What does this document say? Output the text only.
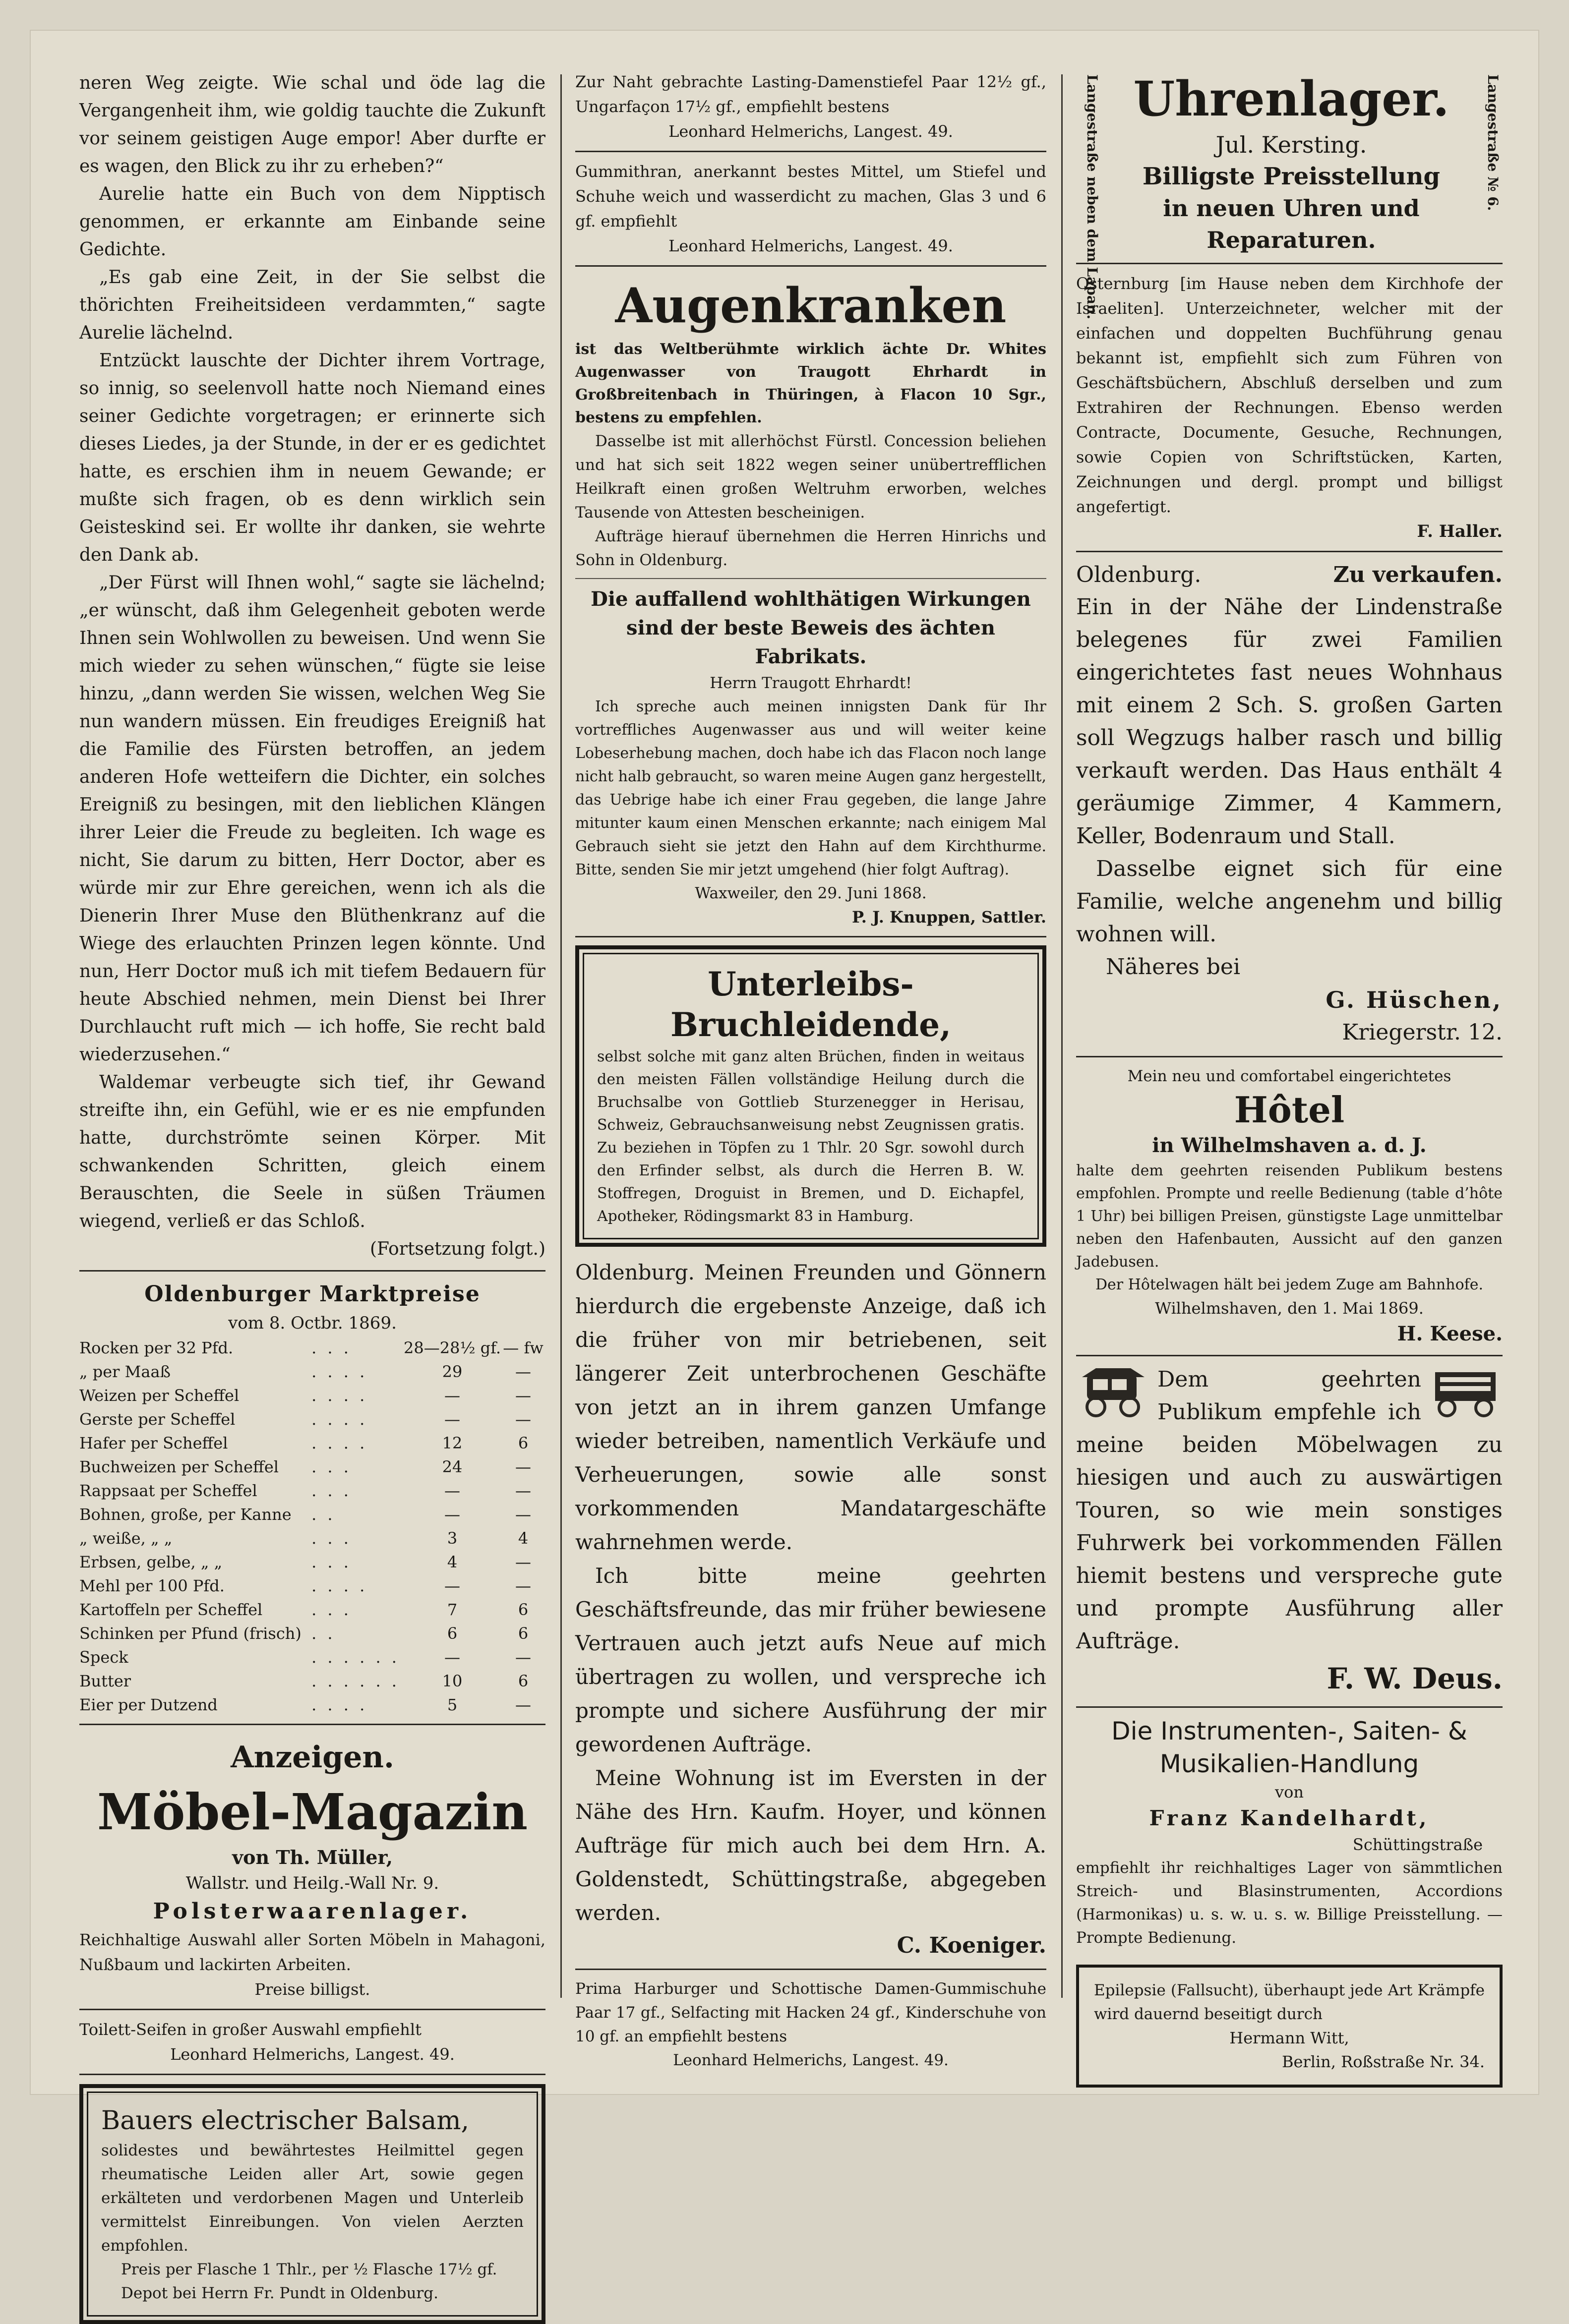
neren Weg zeigte. Wie schal und öde lag die Vergangenheit ihm, wie goldig tauchte die Zukunft vor seinem geistigen Auge empor! Aber durfte er es wagen, den Blick zu ihr zu erheben?“

Aurelie hatte ein Buch von dem Nipptisch genommen, er erkannte am Einbande seine Gedichte.

„Es gab eine Zeit, in der Sie selbst die thörichten Freiheitsideen verdammten,“ sagte Aurelie lächelnd.

Entzückt lauschte der Dichter ihrem Vortrage, so innig, so seelenvoll hatte noch Niemand eines seiner Gedichte vorgetragen; er erinnerte sich dieses Liedes, ja der Stunde, in der er es gedichtet hatte, es erschien ihm in neuem Gewande; er mußte sich fragen, ob es denn wirklich sein Geisteskind sei. Er wollte ihr danken, sie wehrte den Dank ab.

„Der Fürst will Ihnen wohl,“ sagte sie lächelnd; „er wünscht, daß ihm Gelegenheit geboten werde Ihnen sein Wohlwollen zu beweisen. Und wenn Sie mich wieder zu sehen wünschen,“ fügte sie leise hinzu, „dann werden Sie wissen, welchen Weg Sie nun wandern müssen. Ein freudiges Ereigniß hat die Familie des Fürsten betroffen, an jedem anderen Hofe wetteifern die Dichter, ein solches Ereigniß zu besingen, mit den lieblichen Klängen ihrer Leier die Freude zu begleiten. Ich wage es nicht, Sie darum zu bitten, Herr Doctor, aber es würde mir zur Ehre gereichen, wenn ich als die Dienerin Ihrer Muse den Blüthenkranz auf die Wiege des erlauchten Prinzen legen könnte. Und nun, Herr Doctor muß ich mit tiefem Bedauern für heute Abschied nehmen, mein Dienst bei Ihrer Durchlaucht ruft mich — ich hoffe, Sie recht bald wiederzusehen.“

Waldemar verbeugte sich tief, ihr Gewand streifte ihn, ein Gefühl, wie er es nie empfunden hatte, durchströmte seinen Körper. Mit schwankenden Schritten, gleich einem Berauschten, die Seele in süßen Träumen wiegend, verließ er das Schloß.

(Fortsetzung folgt.)

Oldenburger Marktpreise

vom 8. Octbr. 1869.

Rocken per 32 Pfd.	. . .	28—28½ gf.	— fw
„ per Maaß	. . . .	29	—
Weizen per Scheffel	. . . .	—	—
Gerste per Scheffel	. . . .	—	—
Hafer per Scheffel	. . . .	12	6
Buchweizen per Scheffel	. . .	24	—
Rappsaat per Scheffel	. . .	—	—
Bohnen, große, per Kanne	. .	—	—
„ weiße, „ „	. . .	3	4
Erbsen, gelbe, „ „	. . .	4	—
Mehl per 100 Pfd.	. . . .	—	—
Kartoffeln per Scheffel	. . .	7	6
Schinken per Pfund (frisch)	. .	6	6
Speck	. . . . . .	—	—
Butter	. . . . . .	10	6
Eier per Dutzend	. . . .	5	—

Anzeigen.

Möbel-Magazin

von Th. Müller,

Wallstr. und Heilg.-Wall Nr. 9.

Polsterwaarenlager.

Reichhaltige Auswahl aller Sorten Möbeln in Mahagoni, Nußbaum und lackirten Arbeiten.

Preise billigst.

Toilett-Seifen in großer Auswahl empfiehlt

Leonhard Helmerichs, Langest. 49.

Bauers electrischer Balsam,

solidestes und bewährtestes Heilmittel gegen rheumatische Leiden aller Art, sowie gegen erkälteten und verdorbenen Magen und Unterleib vermittelst Einreibungen. Von vielen Aerzten empfohlen.

Preis per Flasche 1 Thlr., per ½ Flasche 17½ gf.

Depot bei Herrn Fr. Pundt in Oldenburg.

Zur Naht gebrachte Lasting-Damenstiefel Paar 12½ gf., Ungarfaçon 17½ gf., empfiehlt bestens

Leonhard Helmerichs, Langest. 49.

Gummithran, anerkannt bestes Mittel, um Stiefel und Schuhe weich und wasserdicht zu machen, Glas 3 und 6 gf. empfiehlt

Leonhard Helmerichs, Langest. 49.

Augenkranken

ist das Weltberühmte wirklich ächte Dr. Whites Augenwasser von Traugott Ehrhardt in Großbreitenbach in Thüringen, à Flacon 10 Sgr., bestens zu empfehlen.

Dasselbe ist mit allerhöchst Fürstl. Concession beliehen und hat sich seit 1822 wegen seiner unübertrefflichen Heilkraft einen großen Weltruhm erworben, welches Tausende von Attesten bescheinigen.

Aufträge hierauf übernehmen die Herren Hinrichs und Sohn in Oldenburg.

Die auffallend wohlthätigen Wirkungen sind der beste Beweis des ächten Fabrikats.

Herrn Traugott Ehrhardt!

Ich spreche auch meinen innigsten Dank für Ihr vortreffliches Augenwasser aus und will weiter keine Lobeserhebung machen, doch habe ich das Flacon noch lange nicht halb gebraucht, so waren meine Augen ganz hergestellt, das Uebrige habe ich einer Frau gegeben, die lange Jahre mitunter kaum einen Menschen erkannte; nach einigem Mal Gebrauch sieht sie jetzt den Hahn auf dem Kirchthurme. Bitte, senden Sie mir jetzt umgehend (hier folgt Auftrag).

Waxweiler, den 29. Juni 1868.

P. J. Knuppen, Sattler.

Unterleibs-

Bruchleidende,

selbst solche mit ganz alten Brüchen, finden in weitaus den meisten Fällen vollständige Heilung durch die Bruchsalbe von Gottlieb Sturzenegger in Herisau, Schweiz, Gebrauchsanweisung nebst Zeugnissen gratis. Zu beziehen in Töpfen zu 1 Thlr. 20 Sgr. sowohl durch den Erfinder selbst, als durch die Herren B. W. Stoffregen, Droguist in Bremen, und D. Eichapfel, Apotheker, Rödingsmarkt 83 in Hamburg.

Oldenburg. Meinen Freunden und Gönnern hierdurch die ergebenste Anzeige, daß ich die früher von mir betriebenen, seit längerer Zeit unterbrochenen Geschäfte von jetzt an in ihrem ganzen Umfange wieder betreiben, namentlich Verkäufe und Verheuerungen, sowie alle sonst vorkommenden Mandatargeschäfte wahrnehmen werde.

Ich bitte meine geehrten Geschäftsfreunde, das mir früher bewiesene Vertrauen auch jetzt aufs Neue auf mich übertragen zu wollen, und verspreche ich prompte und sichere Ausführung der mir gewordenen Aufträge.

Meine Wohnung ist im Eversten in der Nähe des Hrn. Kaufm. Hoyer, und können Aufträge für mich auch bei dem Hrn. A. Goldenstedt, Schüttingstraße, abgegeben werden.

C. Koeniger.

Prima Harburger und Schottische Damen-Gummischuhe Paar 17 gf., Selfacting mit Hacken 24 gf., Kinderschuhe von 10 gf. an empfiehlt bestens

Leonhard Helmerichs, Langest. 49.

Langestraße neben dem Lapan.	Langestraße № 6.

Uhrenlager.

Jul. Kersting.

Billigste Preisstellung

in neuen Uhren und Reparaturen.

Osternburg [im Hause neben dem Kirchhofe der Israeliten]. Unterzeichneter, welcher mit der einfachen und doppelten Buchführung genau bekannt ist, empfiehlt sich zum Führen von Geschäftsbüchern, Abschluß derselben und zum Extrahiren der Rechnungen. Ebenso werden Contracte, Documente, Gesuche, Rechnungen, sowie Copien von Schriftstücken, Karten, Zeichnungen und dergl. prompt und billigst angefertigt.

F. Haller.

Oldenburg.	Zu verkaufen.

Ein in der Nähe der Lindenstraße belegenes für zwei Familien eingerichtetes fast neues Wohnhaus mit einem 2 Sch. S. großen Garten soll Wegzugs halber rasch und billig verkauft werden. Das Haus enthält 4 geräumige Zimmer, 4 Kammern, Keller, Bodenraum und Stall.

Dasselbe eignet sich für eine Familie, welche angenehm und billig wohnen will.

Näheres bei

G. Hüschen,

Kriegerstr. 12.

Mein neu und comfortabel eingerichtetes

Hôtel

in Wilhelmshaven a. d. J.

halte dem geehrten reisenden Publikum bestens empfohlen. Prompte und reelle Bedienung (table d’hôte 1 Uhr) bei billigen Preisen, günstigste Lage unmittelbar neben den Hafenbauten, Aussicht auf den ganzen Jadebusen.

Der Hôtelwagen hält bei jedem Zuge am Bahnhofe.

Wilhelmshaven, den 1. Mai 1869.

H. Keese.

Dem geehrten Publikum empfehle ich meine beiden Möbelwagen zu hiesigen und auch zu auswärtigen Touren, so wie mein sonstiges Fuhrwerk bei vorkommenden Fällen hiemit bestens und verspreche gute und prompte Ausführung aller Aufträge.

F. W. Deus.

Die Instrumenten-, Saiten- &

Musikalien-Handlung

von

Franz Kandelhardt,

Schüttingstraße

empfiehlt ihr reichhaltiges Lager von sämmtlichen Streich- und Blasinstrumenten, Accordions (Harmonikas) u. s. w. u. s. w. Billige Preisstellung. — Prompte Bedienung.

Epilepsie (Fallsucht), überhaupt jede Art Krämpfe wird dauernd beseitigt durch

Hermann Witt,

Berlin, Roßstraße Nr. 34.
